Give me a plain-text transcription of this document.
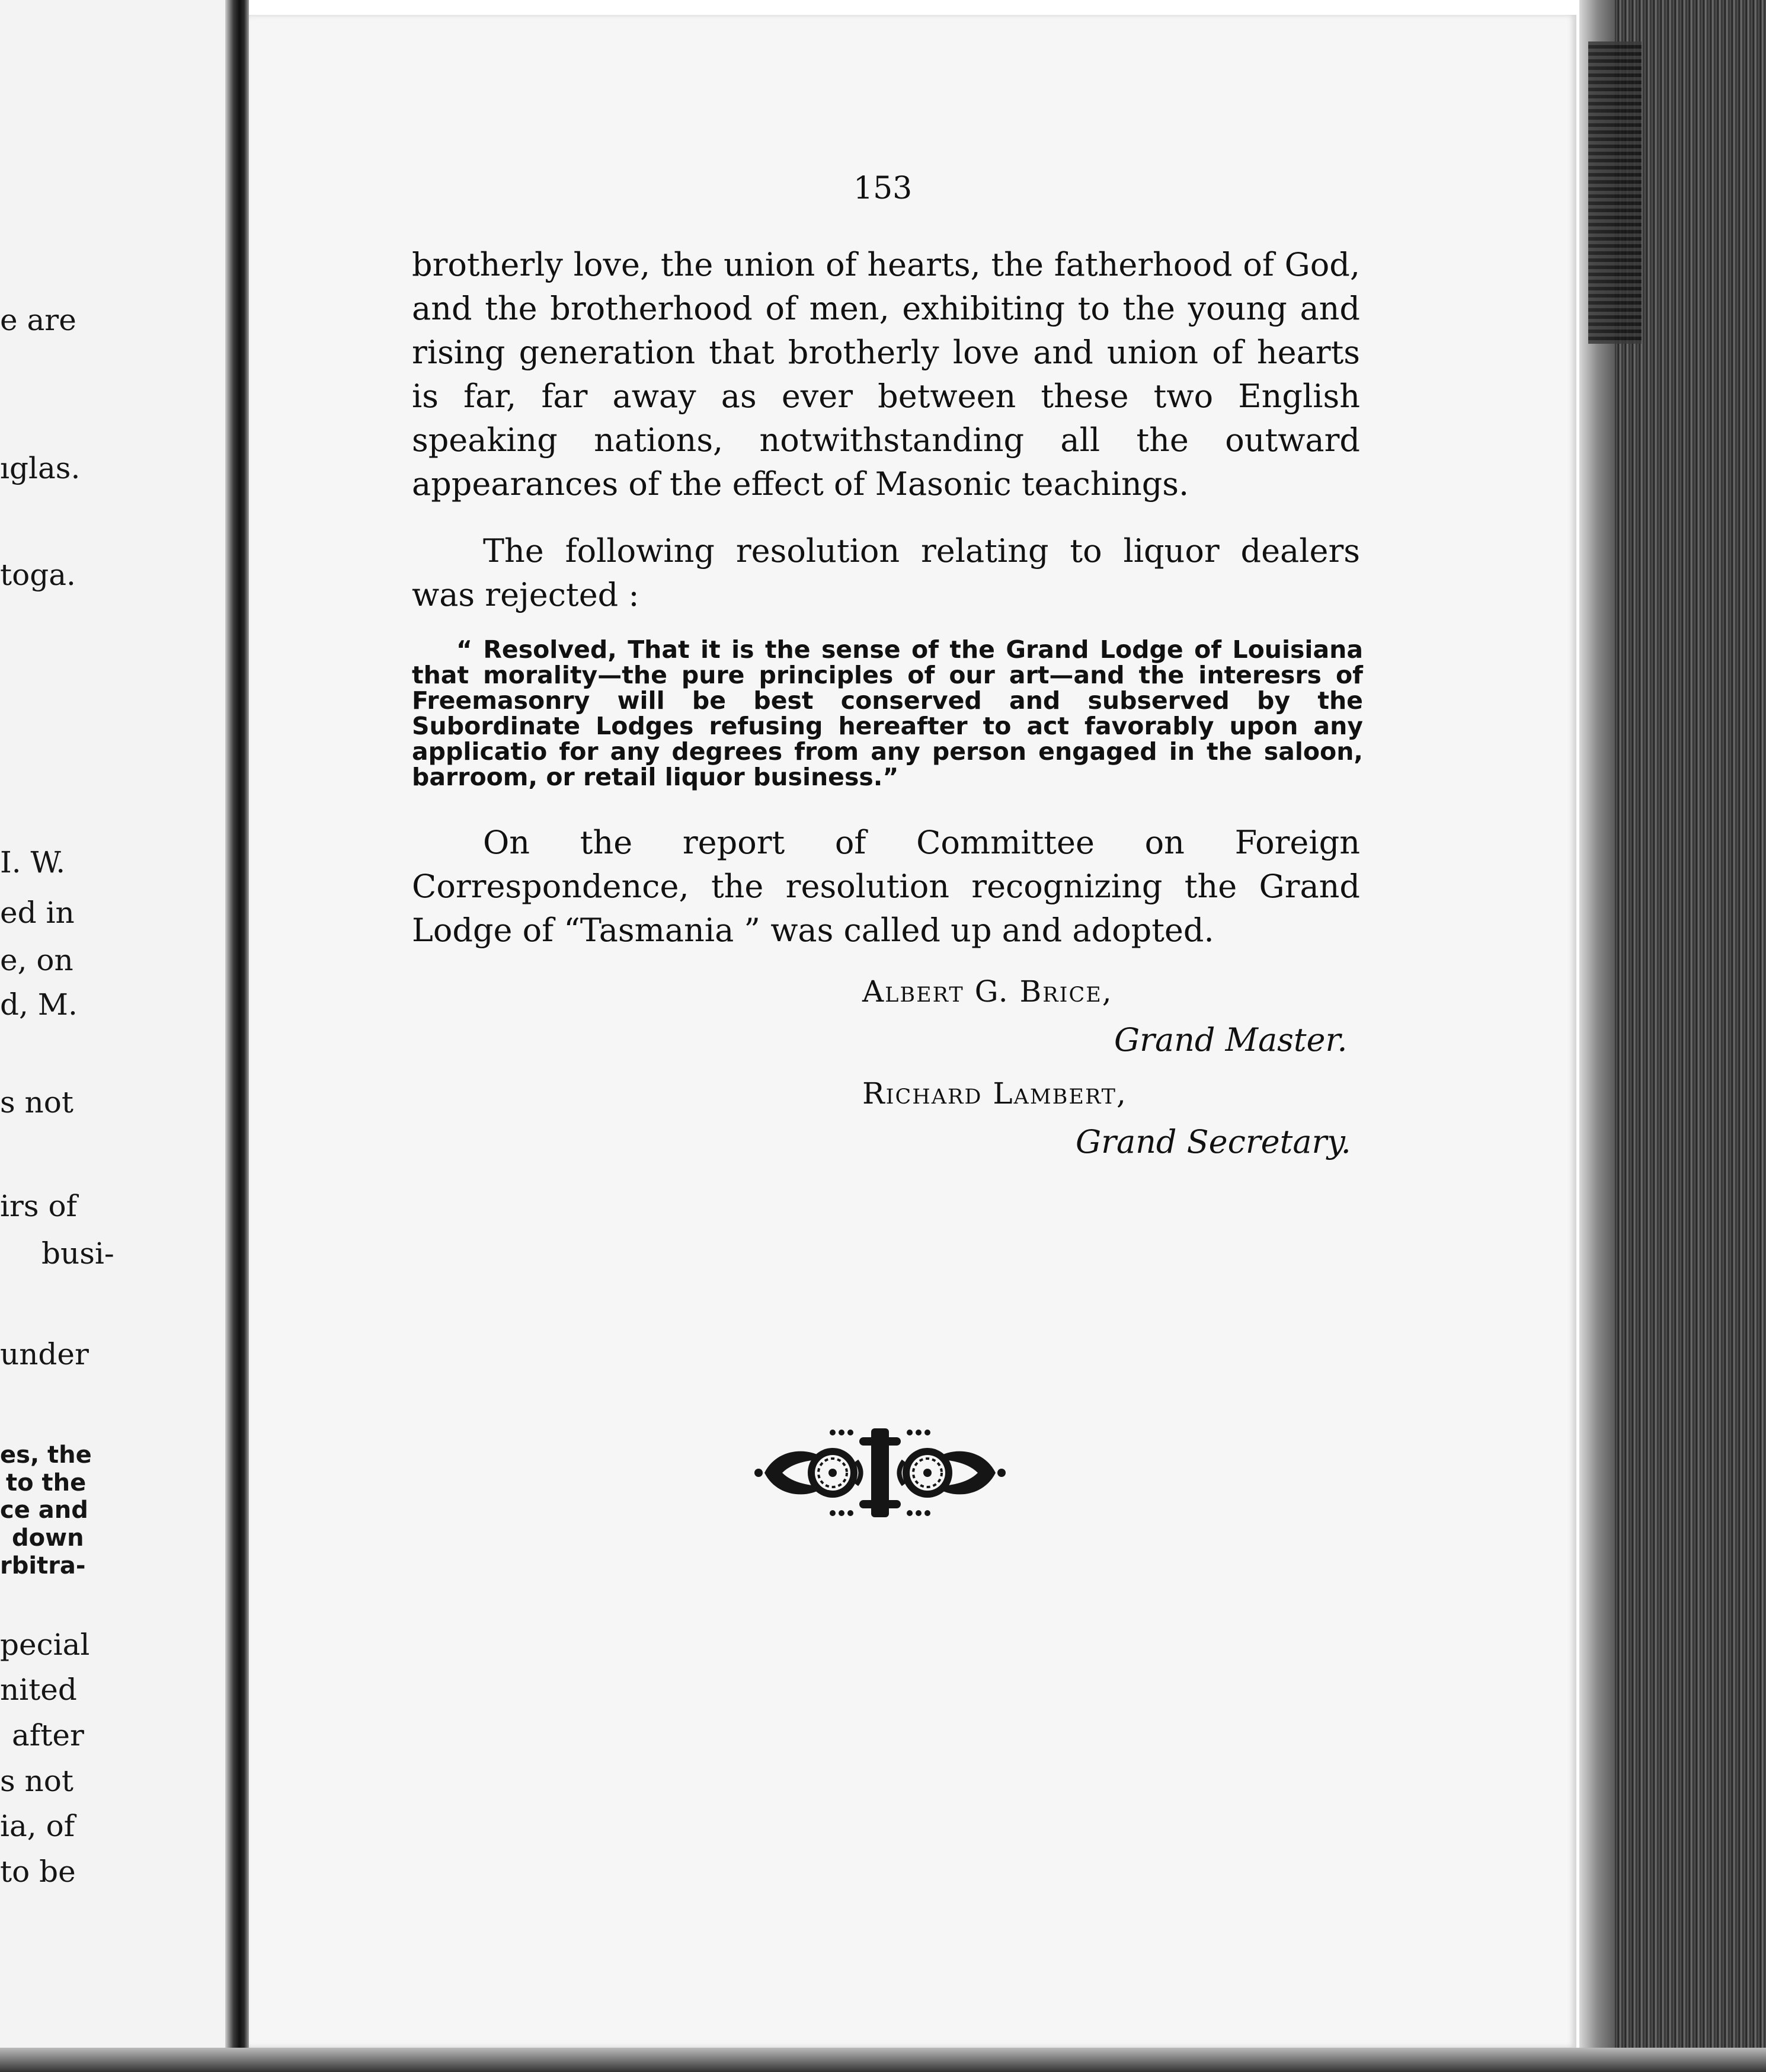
e are
ıglas.
toga.
I. W.
ed in
e, on
d, M.
s not
irs of
busi-
under
es, the
to the
ce and
down
rbitra-
pecial
nited
after
s not
ia, of
to be
153

brotherly love, the union of hearts, the fatherhood of God, and the brotherhood of men, exhibiting to the young and rising generation that brotherly love and union of hearts is far, far away as ever between these two English speaking nations, notwithstanding all the outward appearances of the effect of Masonic teachings.

The following resolution relating to liquor dealers was rejected :

“ Resolved, That it is the sense of the Grand Lodge of Louisiana that morality—the pure principles of our art—and the interesrs of Freemasonry will be best conserved and subserved by the Subordinate Lodges refusing hereafter to act favorably upon any applicatio for any degrees from any person engaged in the saloon, barroom, or retail liquor business.”

On the report of Committee on Foreign Correspondence, the resolution recognizing the Grand Lodge of “Tasmania ” was called up and adopted.

Albert G. Brice,
Grand Master.
Richard Lambert,
Grand Secretary.
